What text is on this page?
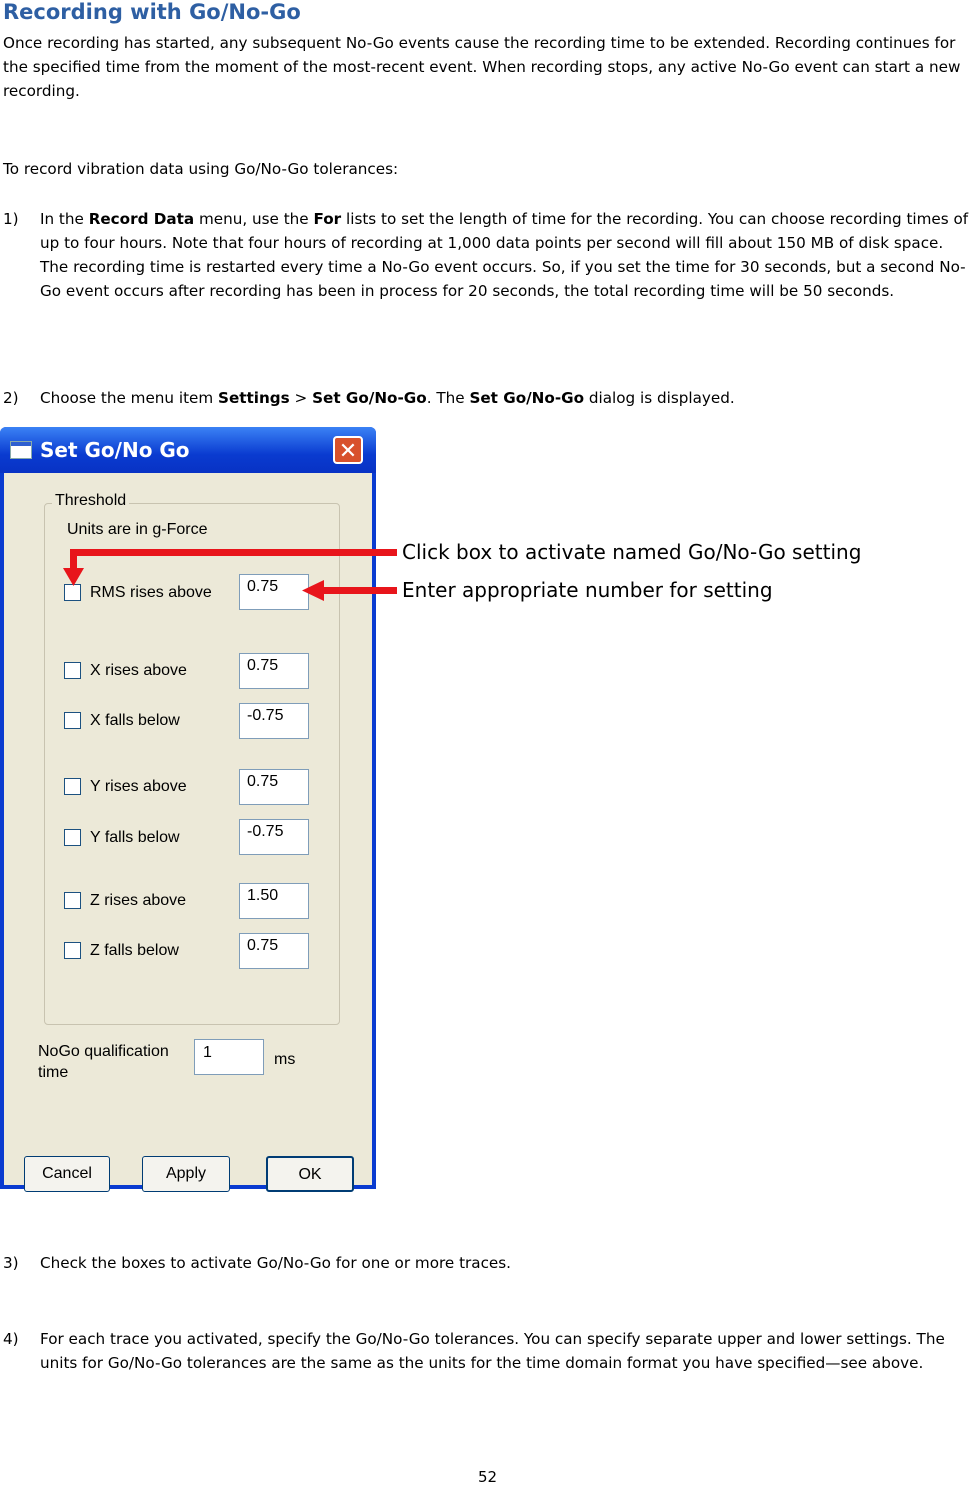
Recording with Go/No-Go
Once recording has started, any subsequent No-Go events cause the recording time to be extended. Recording continues for the specified time from the moment of the most-recent event. When recording stops, any active No-Go event can start a new recording.
To record vibration data using Go/No-Go tolerances:
1) In the Record Data menu, use the For lists to set the length of time for the recording. You can choose recording times of up to four hours. Note that four hours of recording at 1,000 data points per second will fill about 150 MB of disk space. The recording time is restarted every time a No-Go event occurs. So, if you set the time for 30 seconds, but a second No-Go event occurs after recording has been in process for 20 seconds, the total recording time will be 50 seconds.
2) Choose the menu item Settings > Set Go/No-Go. The Set Go/No-Go dialog is displayed.
Set Go/No Go	✕
Threshold
Units are in g-Force
RMS rises above	0.75
X rises above	0.75
X falls below	-0.75
Y rises above	0.75
Y falls below	-0.75
Z rises above	1.50
Z falls below	0.75
NoGo qualification
time
1	ms
Cancel	Apply	OK
Click box to activate named Go/No-Go setting
Enter appropriate number for setting
3) Check the boxes to activate Go/No-Go for one or more traces.
4) For each trace you activated, specify the Go/No-Go tolerances. You can specify separate upper and lower settings. The units for Go/No-Go tolerances are the same as the units for the time domain format you have specified—see above.
52
